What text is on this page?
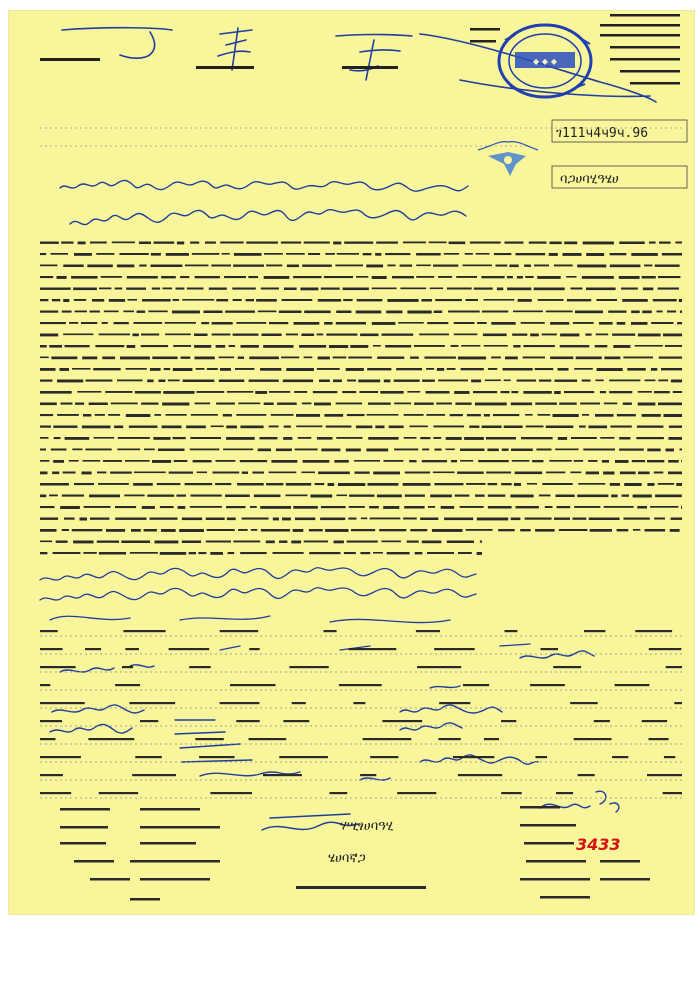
◆ ◆ ◆
ገ111ч4ч9ч.96
ባጋሀባሂዓሄሀ
ሃሢፃሀባዓሂ
ሄሀባኛጋ
3433
